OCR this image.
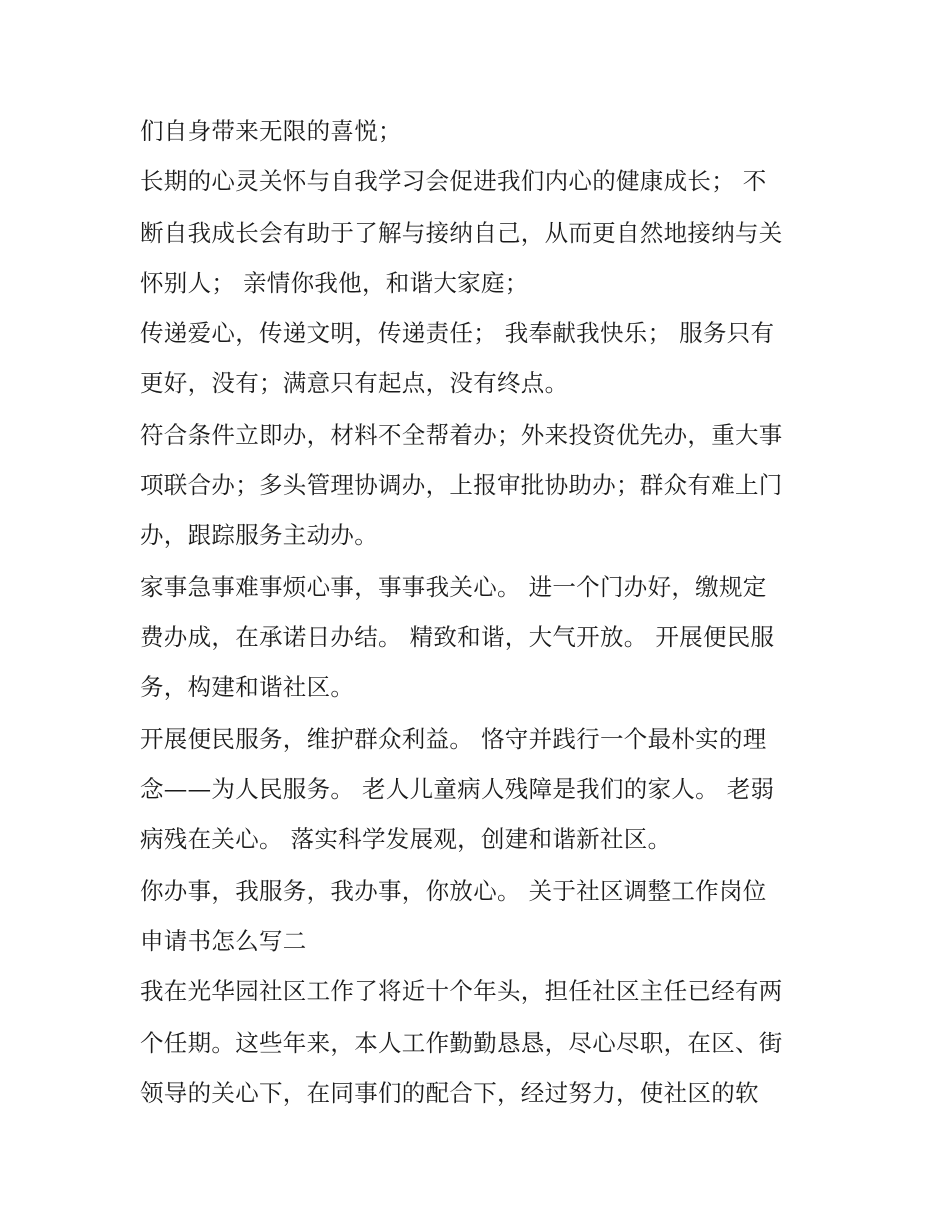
们自身带来无限的喜悦；
长期的心灵关怀与自我学习会促进我们内心的健康成长； 不
断自我成长会有助于了解与接纳自己，从而更自然地接纳与关
怀别人； 亲情你我他，和谐大家庭；
传递爱心，传递文明，传递责任； 我奉献我快乐； 服务只有
更好，没有；满意只有起点，没有终点。
符合条件立即办，材料不全帮着办；外来投资优先办，重大事
项联合办；多头管理协调办，上报审批协助办；群众有难上门
办，跟踪服务主动办。
家事急事难事烦心事，事事我关心。 进一个门办好，缴规定
费办成，在承诺日办结。 精致和谐，大气开放。 开展便民服
务，构建和谐社区。
开展便民服务，维护群众利益。 恪守并践行一个最朴实的理
念——为人民服务。 老人儿童病人残障是我们的家人。 老弱
病残在关心。 落实科学发展观，创建和谐新社区。
你办事，我服务，我办事，你放心。 关于社区调整工作岗位
申请书怎么写二
我在光华园社区工作了将近十个年头，担任社区主任已经有两
个任期。这些年来，本人工作勤勤恳恳，尽心尽职，在区、街
领导的关心下，在同事们的配合下，经过努力，使社区的软
